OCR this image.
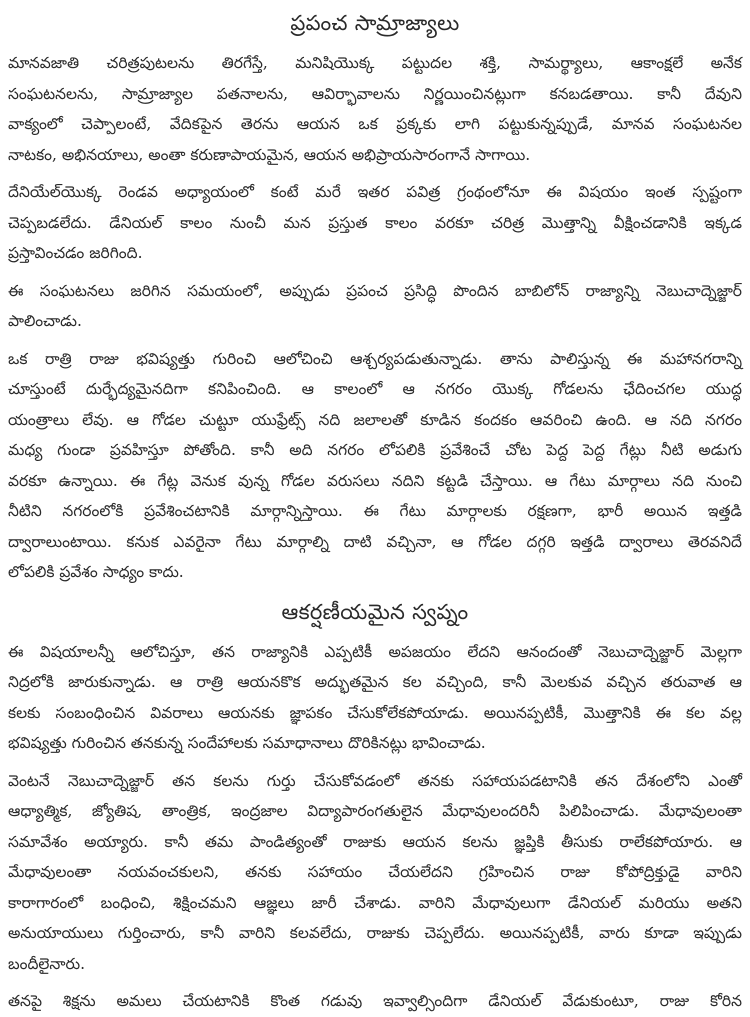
ప్రపంచ సామ్రాజ్యాలు
మానవజాతి చరిత్రపుటలను తిరగేస్తే, మనిషియొక్క పట్టుదల శక్తి, సామర్థ్యాలు, ఆకాంక్షలే అనేక
సంఘటనలను, సామ్రాజ్యాల పతనాలను, ఆవిర్భావాలను నిర్ణయించినట్లుగా కనబడతాయి. కానీ దేవుని
వాక్యంలో చెప్పాలంటే, వేదికపైన తెరను ఆయన ఒక ప్రక్కకు లాగి పట్టుకున్నప్పుడే, మానవ సంఘటనల
నాటకం, అభినయాలు, అంతా కరుణాపాయమైన, ఆయన అభిప్రాయసారంగానే సాగాయి.
దేనియేల్‌యొక్క రెండవ అధ్యాయంలో కంటే మరే ఇతర పవిత్ర గ్రంథంలోనూ ఈ విషయం ఇంత స్పష్టంగా
చెప్పబడలేదు. డేనియల్ కాలం నుంచీ మన ప్రస్తుత కాలం వరకూ చరిత్ర మొత్తాన్ని వీక్షించడానికి ఇక్కడ
ప్రస్తావించడం జరిగింది.
ఈ సంఘటనలు జరిగిన సమయంలో, అప్పుడు ప్రపంచ ప్రసిద్ధి పొందిన బాబిలోన్ రాజ్యాన్ని నెబుచాద్నెజ్జార్
పాలించాడు.
ఒక రాత్రి రాజు భవిష్యత్తు గురించి ఆలోచించి ఆశ్చర్యపడుతున్నాడు. తాను పాలిస్తున్న ఈ మహానగరాన్ని
చూస్తుంటే దుర్భేద్యమైనదిగా కనిపించింది. ఆ కాలంలో ఆ నగరం యొక్క గోడలను ఛేదించగల యుద్ధ
యంత్రాలు లేవు. ఆ గోడల చుట్టూ యుఫ్రేట్స్ నది జలాలతో కూడిన కందకం ఆవరించి ఉంది. ఆ నది నగరం
మధ్య గుండా ప్రవహిస్తూ పోతోంది. కానీ అది నగరం లోపలికి ప్రవేశించే చోట పెద్ద పెద్ద గేట్లు నీటి అడుగు
వరకూ ఉన్నాయి. ఈ గేట్ల వెనుక వున్న గోడల వరుసలు నదిని కట్టడి చేస్తాయి. ఆ గేటు మార్గాలు నది నుంచి
నీటిని నగరంలోకి ప్రవేశించటానికి మార్గాన్నిస్తాయి. ఈ గేటు మార్గాలకు రక్షణగా, భారీ అయిన ఇత్తడి
ద్వారాలుంటాయి. కనుక ఎవరైనా గేటు మార్గాల్ని దాటి వచ్చినా, ఆ గోడల దగ్గరి ఇత్తడి ద్వారాలు తెరవనిదే
లోపలికి ప్రవేశం సాధ్యం కాదు.
ఆకర్షణీయమైన స్వప్నం
ఈ విషయాలన్నీ ఆలోచిస్తూ, తన రాజ్యానికి ఎప్పటికీ అపజయం లేదని ఆనందంతో నెబుచాద్నెజ్జార్ మెల్లగా
నిద్రలోకి జారుకున్నాడు. ఆ రాత్రి ఆయనకొక అద్భుతమైన కల వచ్చింది, కానీ మెలకువ వచ్చిన తరువాత ఆ
కలకు సంబంధించిన వివరాలు ఆయనకు జ్ఞాపకం చేసుకోలేకపోయాడు. అయినప్పటికీ, మొత్తానికి ఈ కల వల్ల
భవిష్యత్తు గురించిన తనకున్న సందేహాలకు సమాధానాలు దొరికినట్లు భావించాడు.
వెంటనే నెబుచాద్నెజ్జార్ తన కలను గుర్తు చేసుకోవడంలో తనకు సహాయపడటానికి తన దేశంలోని ఎంతో
ఆధ్యాత్మిక, జ్యోతిష, తాంత్రిక, ఇంద్రజాల విద్యాపారంగతులైన మేధావులందరినీ పిలిపించాడు. మేధావులంతా
సమావేశం అయ్యారు. కానీ తమ పాండిత్యంతో రాజుకు ఆయన కలను జ్ఞప్తికి తీసుకు రాలేకపోయారు. ఆ
మేధావులంతా నయవంచకులని, తనకు సహాయం చేయలేదని గ్రహించిన రాజు కోపోద్రిక్తుడై వారిని
కారాగారంలో బంధించి, శిక్షించమని ఆజ్ఞలు జారీ చేశాడు. వారిని మేధావులుగా డేనియల్ మరియు అతని
అనుయాయులు గుర్తించారు, కానీ వారిని కలవలేదు, రాజుకు చెప్పలేదు. అయినప్పటికీ, వారు కూడా ఇప్పుడు
బందీలైనారు.
తనపై శిక్షను అమలు చేయటానికి కొంత గడువు ఇవ్వాల్సిందిగా డేనియల్ వేడుకుంటూ, రాజు కోరిన
